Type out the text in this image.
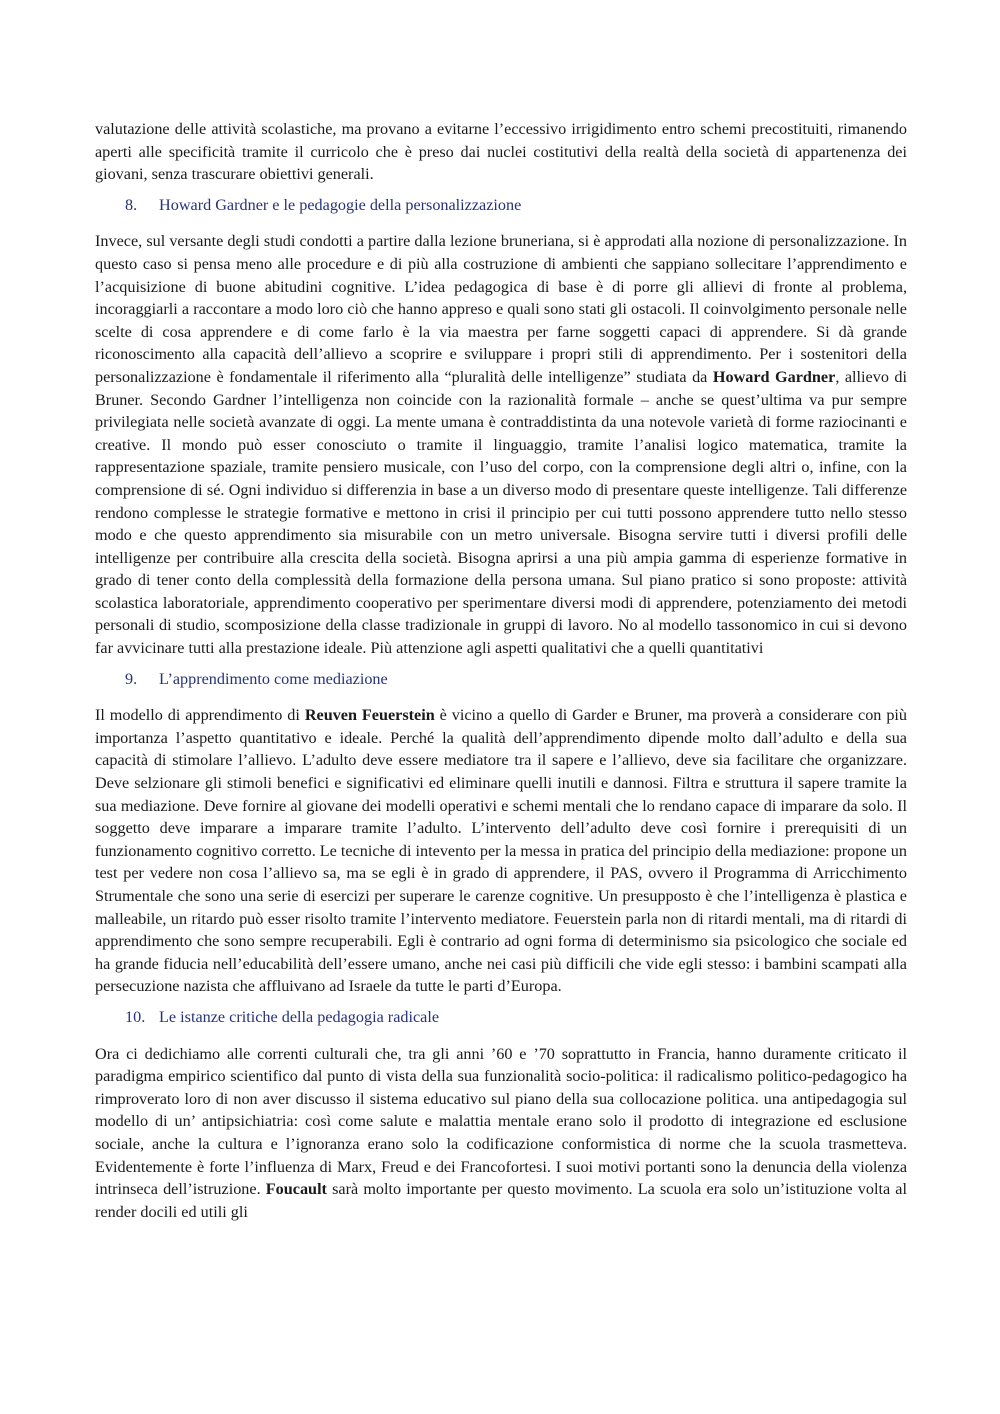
valutazione delle attività scolastiche, ma provano a evitarne l’eccessivo irrigidimento entro schemi precostituiti, rimanendo aperti alle specificità tramite il curricolo che è preso dai nuclei costitutivi della realtà della società di appartenenza dei giovani, senza trascurare obiettivi generali.

8. Howard Gardner e le pedagogie della personalizzazione

Invece, sul versante degli studi condotti a partire dalla lezione bruneriana, si è approdati alla nozione di personalizzazione. In questo caso si pensa meno alle procedure e di più alla costruzione di ambienti che sappiano sollecitare l’apprendimento e l’acquisizione di buone abitudini cognitive. L’idea pedagogica di base è di porre gli allievi di fronte al problema, incoraggiarli a raccontare a modo loro ciò che hanno appreso e quali sono stati gli ostacoli. Il coinvolgimento personale nelle scelte di cosa apprendere e di come farlo è la via maestra per farne soggetti capaci di apprendere. Si dà grande riconoscimento alla capacità dell’allievo a scoprire e sviluppare i propri stili di apprendimento. Per i sostenitori della personalizzazione è fondamentale il riferimento alla “pluralità delle intelligenze” studiata da Howard Gardner, allievo di Bruner. Secondo Gardner l’intelligenza non coincide con la razionalità formale – anche se quest’ultima va pur sempre privilegiata nelle società avanzate di oggi. La mente umana è contraddistinta da una notevole varietà di forme raziocinanti e creative. Il mondo può esser conosciuto o tramite il linguaggio, tramite l’analisi logico matematica, tramite la rappresentazione spaziale, tramite pensiero musicale, con l’uso del corpo, con la comprensione degli altri o, infine, con la comprensione di sé. Ogni individuo si differenzia in base a un diverso modo di presentare queste intelligenze. Tali differenze rendono complesse le strategie formative e mettono in crisi il principio per cui tutti possono apprendere tutto nello stesso modo e che questo apprendimento sia misurabile con un metro universale. Bisogna servire tutti i diversi profili delle intelligenze per contribuire alla crescita della società. Bisogna aprirsi a una più ampia gamma di esperienze formative in grado di tener conto della complessità della formazione della persona umana. Sul piano pratico si sono proposte: attività scolastica laboratoriale, apprendimento cooperativo per sperimentare diversi modi di apprendere, potenziamento dei metodi personali di studio, scomposizione della classe tradizionale in gruppi di lavoro. No al modello tassonomico in cui si devono far avvicinare tutti alla prestazione ideale. Più attenzione agli aspetti qualitativi che a quelli quantitativi

9. L’apprendimento come mediazione

Il modello di apprendimento di Reuven Feuerstein è vicino a quello di Garder e Bruner, ma proverà a considerare con più importanza l’aspetto quantitativo e ideale. Perché la qualità dell’apprendimento dipende molto dall’adulto e della sua capacità di stimolare l’allievo. L’adulto deve essere mediatore tra il sapere e l’allievo, deve sia facilitare che organizzare. Deve selzionare gli stimoli benefici e significativi ed eliminare quelli inutili e dannosi. Filtra e struttura il sapere tramite la sua mediazione. Deve fornire al giovane dei modelli operativi e schemi mentali che lo rendano capace di imparare da solo. Il soggetto deve imparare a imparare tramite l’adulto. L’intervento dell’adulto deve così fornire i prerequisiti di un funzionamento cognitivo corretto. Le tecniche di intevento per la messa in pratica del principio della mediazione: propone un test per vedere non cosa l’allievo sa, ma se egli è in grado di apprendere, il PAS, ovvero il Programma di Arricchimento Strumentale che sono una serie di esercizi per superare le carenze cognitive. Un presupposto è che l’intelligenza è plastica e malleabile, un ritardo può esser risolto tramite l’intervento mediatore. Feuerstein parla non di ritardi mentali, ma di ritardi di apprendimento che sono sempre recuperabili. Egli è contrario ad ogni forma di determinismo sia psicologico che sociale ed ha grande fiducia nell’educabilità dell’essere umano, anche nei casi più difficili che vide egli stesso: i bambini scampati alla persecuzione nazista che affluivano ad Israele da tutte le parti d’Europa.

10. Le istanze critiche della pedagogia radicale

Ora ci dedichiamo alle correnti culturali che, tra gli anni ’60 e ’70 soprattutto in Francia, hanno duramente criticato il paradigma empirico scientifico dal punto di vista della sua funzionalità socio-politica: il radicalismo politico-pedagogico ha rimproverato loro di non aver discusso il sistema educativo sul piano della sua collocazione politica. una antipedagogia sul modello di un’ antipsichiatria: così come salute e malattia mentale erano solo il prodotto di integrazione ed esclusione sociale, anche la cultura e l’ignoranza erano solo la codificazione conformistica di norme che la scuola trasmetteva. Evidentemente è forte l’influenza di Marx, Freud e dei Francofortesi. I suoi motivi portanti sono la denuncia della violenza intrinseca dell’istruzione. Foucault sarà molto importante per questo movimento. La scuola era solo un’istituzione volta al render docili ed utili gli
